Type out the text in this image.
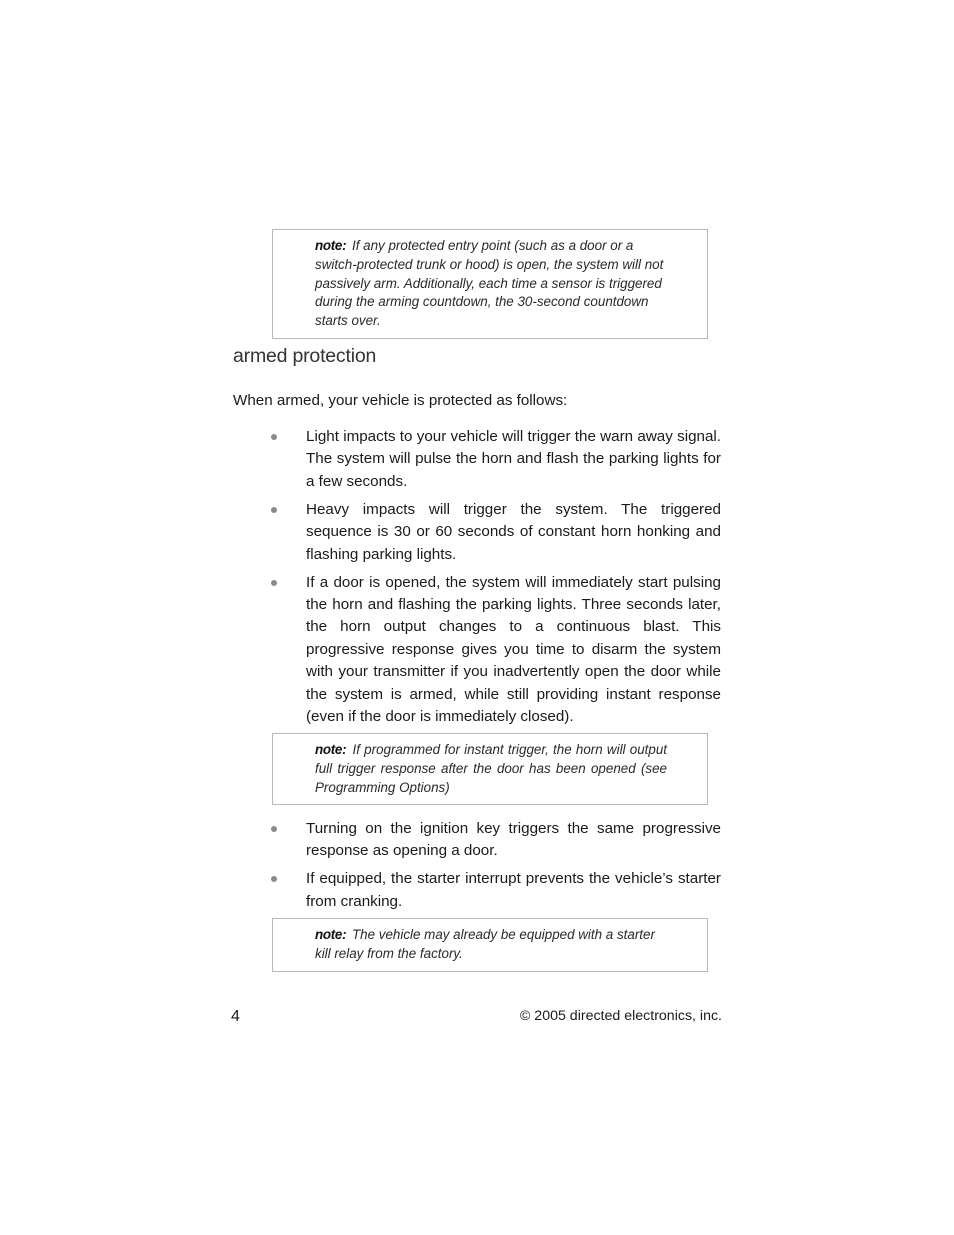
note: If any protected entry point (such as a door or a switch-protected trunk or hood) is open, the system will not passively arm. Additionally, each time a sensor is triggered during the arming countdown, the 30-second countdown starts over.
armed protection

When armed, your vehicle is protected as follows:

Light impacts to your vehicle will trigger the warn away signal. The system will pulse the horn and flash the parking lights for a few seconds.
Heavy impacts will trigger the system. The triggered sequence is 30 or 60 seconds of constant horn honking and flashing parking lights.
If a door is opened, the system will immediately start pulsing the horn and flashing the parking lights. Three seconds later, the horn output changes to a continuous blast. This progressive response gives you time to disarm the system with your transmitter if you inadvertently open the door while the system is armed, while still providing instant response (even if the door is immediately closed).
note: If programmed for instant trigger, the horn will output full trigger response after the door has been opened (see Programming Options)
Turning on the ignition key triggers the same progressive response as opening a door.
If equipped, the starter interrupt prevents the vehicle’s starter from cranking.
note: The vehicle may already be equipped with a starter kill relay from the factory.

4	© 2005 directed electronics, inc.
